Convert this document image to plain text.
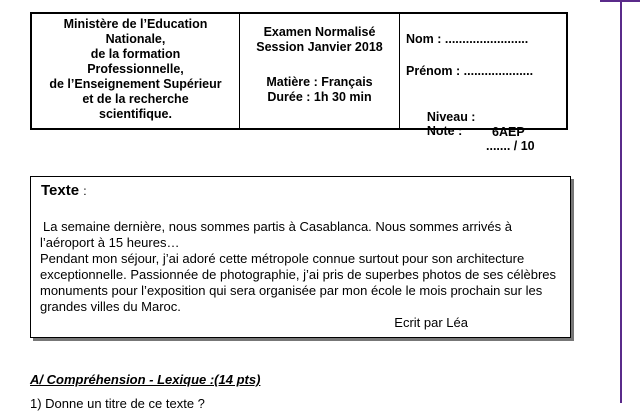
Ministère de l’Education
Nationale,
de la formation
Professionnelle,
de l’Enseignement Supérieur
et de la recherche
scientifique.
Examen Normalisé
Session Janvier 2018
Matière : Français
Durée : 1h 30 min
Nom : ........................
Prénom : ....................

Niveau :

6AEP

Note :

....... / 10

Texte :

La semaine dernière, nous sommes partis à Casablanca. Nous sommes arrivés à l’aéroport à 15 heures…

Pendant mon séjour, j’ai adoré cette métropole connue surtout pour son architecture exceptionnelle. Passionnée de photographie, j’ai pris de superbes photos de ses célèbres monuments pour l’exposition qui sera organisée par mon école le mois prochain sur les grandes villes du Maroc.

Ecrit par Léa

A/ Compréhension - Lexique :(14 pts)
1) Donne un titre de ce texte ?
